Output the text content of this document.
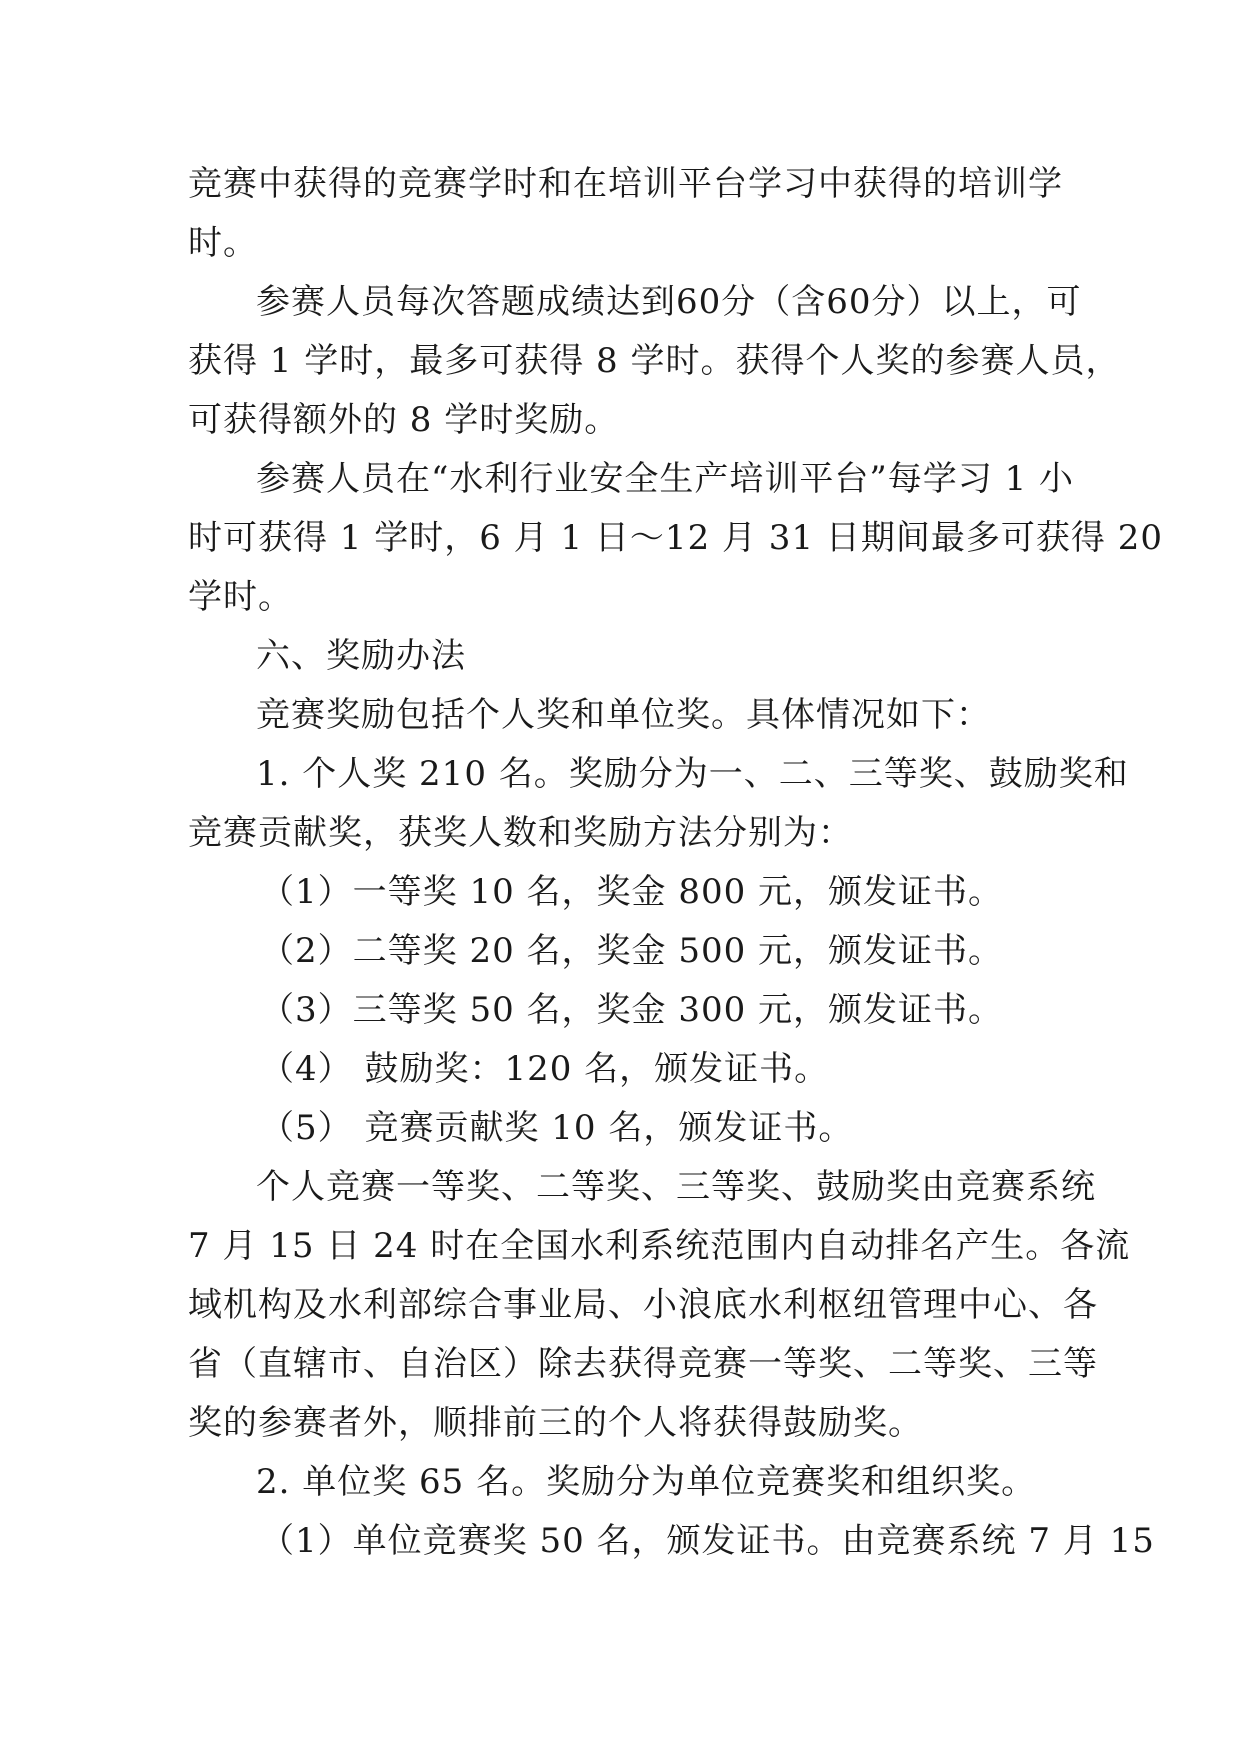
竞赛中获得的竞赛学时和在培训平台学习中获得的培训学
时。
参赛人员每次答题成绩达到60分（含60分）以上，可
获得 1 学时，最多可获得 8 学时。获得个人奖的参赛人员，
可获得额外的 8 学时奖励。
参赛人员在“水利行业安全生产培训平台”每学习 1 小
时可获得 1 学时，6 月 1 日～12 月 31 日期间最多可获得 20
学时。
六、奖励办法
竞赛奖励包括个人奖和单位奖。具体情况如下：
1. 个人奖 210 名。奖励分为一、二、三等奖、鼓励奖和
竞赛贡献奖，获奖人数和奖励方法分别为：
（1）一等奖 10 名，奖金 800 元，颁发证书。
（2）二等奖 20 名，奖金 500 元，颁发证书。
（3）三等奖 50 名，奖金 300 元，颁发证书。
（4） 鼓励奖：120 名，颁发证书。
（5） 竞赛贡献奖 10 名，颁发证书。
个人竞赛一等奖、二等奖、三等奖、鼓励奖由竞赛系统
7 月 15 日 24 时在全国水利系统范围内自动排名产生。各流
域机构及水利部综合事业局、小浪底水利枢纽管理中心、各
省（直辖市、自治区）除去获得竞赛一等奖、二等奖、三等
奖的参赛者外，顺排前三的个人将获得鼓励奖。
2. 单位奖 65 名。奖励分为单位竞赛奖和组织奖。
（1）单位竞赛奖 50 名，颁发证书。由竞赛系统 7 月 15
